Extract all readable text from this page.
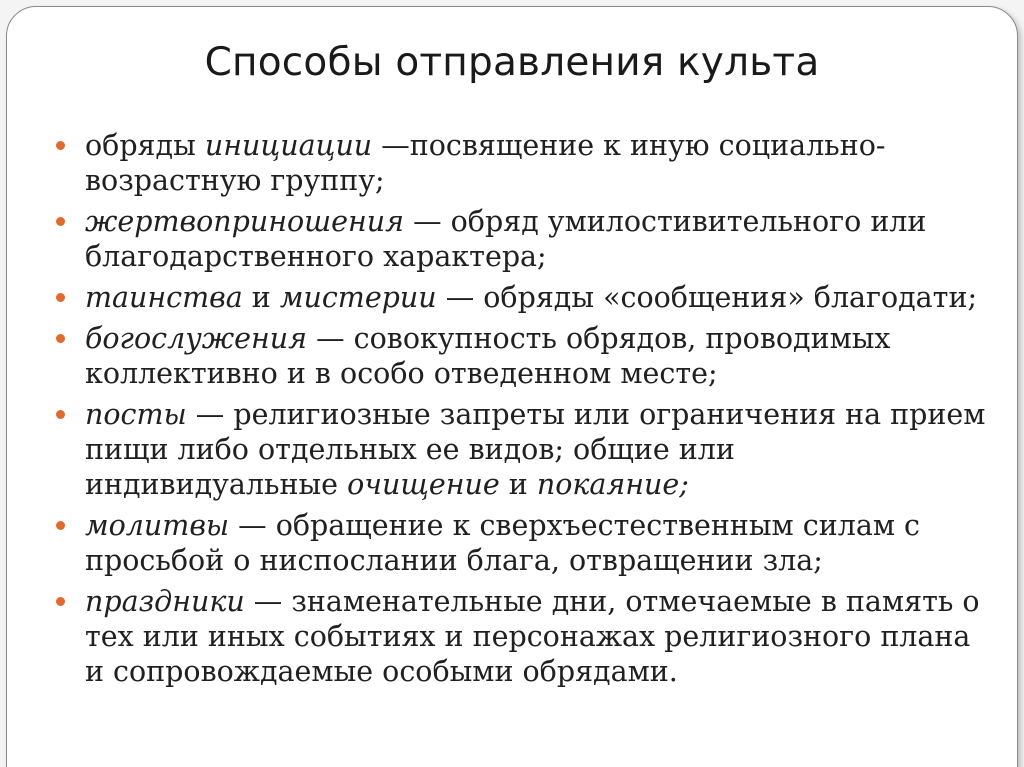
Способы отправления культа
обряды инициации —посвящение к иную социально-возрастную группу;
жертвоприношения — обряд умилостивительного или благодарственного характера;
таинства и мистерии — обряды «сообщения» благодати;
богослужения — совокупность обрядов, проводимых коллективно и в особо отведенном месте;
посты — религиозные запреты или ограничения на прием пищи либо отдельных ее видов; общие или индивидуальные очищение и покаяние;
молитвы — обращение к сверхъестественным силам с просьбой о ниспослании блага, отвращении зла;
праздники — знаменательные дни, отмечаемые в память о тех или иных событиях и персонажах религиозного плана и сопровождаемые особыми обрядами.
